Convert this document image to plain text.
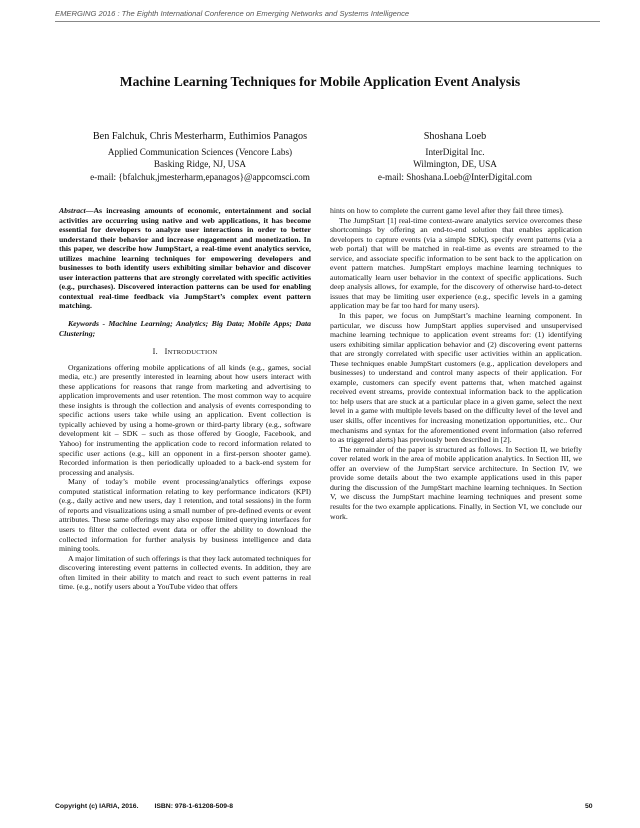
EMERGING 2016 : The Eighth International Conference on Emerging Networks and Systems Intelligence
Machine Learning Techniques for Mobile Application Event Analysis
Ben Falchuk, Chris Mesterharm, Euthimios Panagos
Applied Communication Sciences (Vencore Labs)
Basking Ridge, NJ, USA
e-mail: {bfalchuk,jmesterharm,epanagos}@appcomsci.com
Shoshana Loeb
InterDigital Inc.
Wilmington, DE, USA
e-mail: Shoshana.Loeb@InterDigital.com

Abstract—As increasing amounts of economic, entertainment and social activities are occurring using native and web applications, it has become essential for developers to analyze user interactions in order to better understand their behavior and increase engagement and monetization. In this paper, we describe how JumpStart, a real-time event analytics service, utilizes machine learning techniques for empowering developers and businesses to both identify users exhibiting similar behavior and discover user interaction patterns that are strongly correlated with specific activities (e.g., purchases). Discovered interaction patterns can be used for enabling contextual real-time feedback via JumpStart’s complex event pattern matching.

Keywords - Machine Learning; Analytics; Big Data; Mobile Apps; Data Clustering;

I. INTRODUCTION

Organizations offering mobile applications of all kinds (e.g., games, social media, etc.) are presently interested in learning about how users interact with these applications for reasons that range from marketing and advertising to application improvements and user retention. The most common way to acquire these insights is through the collection and analysis of events corresponding to specific actions users take while using an application. Event collection is typically achieved by using a home-grown or third-party library (e.g., software development kit – SDK – such as those offered by Google, Facebook, and Yahoo) for instrumenting the application code to record information related to specific user actions (e.g., kill an opponent in a first-person shooter game). Recorded information is then periodically uploaded to a back-end system for processing and analysis.

Many of today’s mobile event processing/analytics offerings expose computed statistical information relating to key performance indicators (KPI) (e.g., daily active and new users, day 1 retention, and total sessions) in the form of reports and visualizations using a small number of pre-defined events or event attributes. These same offerings may also expose limited querying interfaces for users to filter the collected event data or offer the ability to download the collected information for further analysis by business intelligence and data mining tools.

A major limitation of such offerings is that they lack automated techniques for discovering interesting event patterns in collected events. In addition, they are often limited in their ability to match and react to such event patterns in real time. (e.g., notify users about a YouTube video that offers

hints on how to complete the current game level after they fail three times).

The JumpStart [1] real-time context-aware analytics service overcomes these shortcomings by offering an end-to-end solution that enables application developers to capture events (via a simple SDK), specify event patterns (via a web portal) that will be matched in real-time as events are streamed to the service, and associate specific information to be sent back to the application on event pattern matches. JumpStart employs machine learning techniques to automatically learn user behavior in the context of specific applications. Such deep analysis allows, for example, for the discovery of otherwise hard-to-detect issues that may be limiting user experience (e.g., specific levels in a gaming application may be far too hard for many users).

In this paper, we focus on JumpStart’s machine learning component. In particular, we discuss how JumpStart applies supervised and unsupervised machine learning technique to application event streams for: (1) identifying users exhibiting similar application behavior and (2) discovering event patterns that are strongly correlated with specific user activities within an application. These techniques enable JumpStart customers (e.g., application developers and businesses) to understand and control many aspects of their application. For example, customers can specify event patterns that, when matched against received event streams, provide contextual information back to the application to: help users that are stuck at a particular place in a given game, select the next level in a game with multiple levels based on the difficulty level of the level and user skills, offer incentives for increasing monetization opportunities, etc.. Our mechanisms and syntax for the aforementioned event information (also referred to as triggered alerts) has previously been described in [2].

The remainder of the paper is structured as follows. In Section II, we briefly cover related work in the area of mobile application analytics. In Section III, we offer an overview of the JumpStart service architecture. In Section IV, we provide some details about the two example applications used in this paper during the discussion of the JumpStart machine learning techniques. In Section V, we discuss the JumpStart machine learning techniques and present some results for the two example applications. Finally, in Section VI, we conclude our work.

Copyright (c) IARIA, 2016. ISBN: 978-1-61208-509-8	50
